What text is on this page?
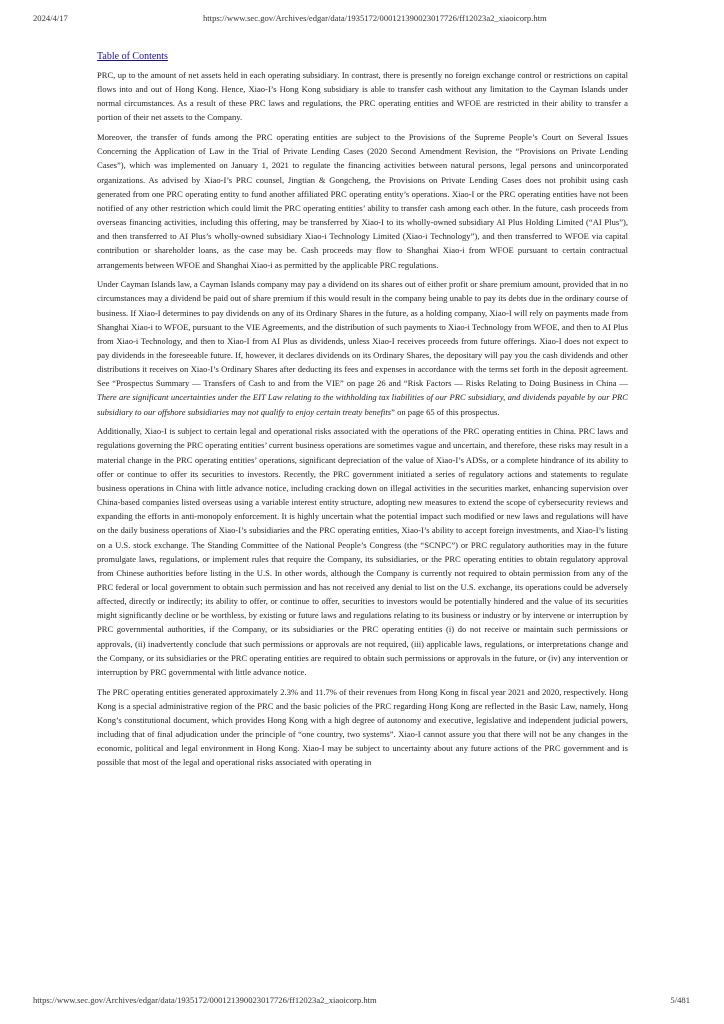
2024/4/17	https://www.sec.gov/Archives/edgar/data/1935172/000121390023017726/ff12023a2_xiaoicorp.htm
Table of Contents

PRC, up to the amount of net assets held in each operating subsidiary. In contrast, there is presently no foreign exchange control or restrictions on capital flows into and out of Hong Kong. Hence, Xiao-I’s Hong Kong subsidiary is able to transfer cash without any limitation to the Cayman Islands under normal circumstances. As a result of these PRC laws and regulations, the PRC operating entities and WFOE are restricted in their ability to transfer a portion of their net assets to the Company.

Moreover, the transfer of funds among the PRC operating entities are subject to the Provisions of the Supreme People’s Court on Several Issues Concerning the Application of Law in the Trial of Private Lending Cases (2020 Second Amendment Revision, the “Provisions on Private Lending Cases”), which was implemented on January 1, 2021 to regulate the financing activities between natural persons, legal persons and unincorporated organizations. As advised by Xiao-I’s PRC counsel, Jingtian & Gongcheng, the Provisions on Private Lending Cases does not prohibit using cash generated from one PRC operating entity to fund another affiliated PRC operating entity’s operations. Xiao-I or the PRC operating entities have not been notified of any other restriction which could limit the PRC operating entities’ ability to transfer cash among each other. In the future, cash proceeds from overseas financing activities, including this offering, may be transferred by Xiao-I to its wholly-owned subsidiary AI Plus Holding Limited (“AI Plus”), and then transferred to AI Plus’s wholly-owned subsidiary Xiao-i Technology Limited (Xiao-i Technology”), and then transferred to WFOE via capital contribution or shareholder loans, as the case may be. Cash proceeds may flow to Shanghai Xiao-i from WFOE pursuant to certain contractual arrangements between WFOE and Shanghai Xiao-i as permitted by the applicable PRC regulations.

Under Cayman Islands law, a Cayman Islands company may pay a dividend on its shares out of either profit or share premium amount, provided that in no circumstances may a dividend be paid out of share premium if this would result in the company being unable to pay its debts due in the ordinary course of business. If Xiao-I determines to pay dividends on any of its Ordinary Shares in the future, as a holding company, Xiao-I will rely on payments made from Shanghai Xiao-i to WFOE, pursuant to the VIE Agreements, and the distribution of such payments to Xiao-i Technology from WFOE, and then to AI Plus from Xiao-i Technology, and then to Xiao-I from AI Plus as dividends, unless Xiao-I receives proceeds from future offerings. Xiao-I does not expect to pay dividends in the foreseeable future. If, however, it declares dividends on its Ordinary Shares, the depositary will pay you the cash dividends and other distributions it receives on Xiao-I’s Ordinary Shares after deducting its fees and expenses in accordance with the terms set forth in the deposit agreement. See “Prospectus Summary — Transfers of Cash to and from the VIE” on page 26 and “Risk Factors — Risks Relating to Doing Business in China — There are significant uncertainties under the EIT Law relating to the withholding tax liabilities of our PRC subsidiary, and dividends payable by our PRC subsidiary to our offshore subsidiaries may not qualify to enjoy certain treaty benefits” on page 65 of this prospectus.

Additionally, Xiao-I is subject to certain legal and operational risks associated with the operations of the PRC operating entities in China. PRC laws and regulations governing the PRC operating entities’ current business operations are sometimes vague and uncertain, and therefore, these risks may result in a material change in the PRC operating entities’ operations, significant depreciation of the value of Xiao-I’s ADSs, or a complete hindrance of its ability to offer or continue to offer its securities to investors. Recently, the PRC government initiated a series of regulatory actions and statements to regulate business operations in China with little advance notice, including cracking down on illegal activities in the securities market, enhancing supervision over China-based companies listed overseas using a variable interest entity structure, adopting new measures to extend the scope of cybersecurity reviews and expanding the efforts in anti-monopoly enforcement. It is highly uncertain what the potential impact such modified or new laws and regulations will have on the daily business operations of Xiao-I’s subsidiaries and the PRC operating entities, Xiao-I’s ability to accept foreign investments, and Xiao-I’s listing on a U.S. stock exchange. The Standing Committee of the National People’s Congress (the “SCNPC”) or PRC regulatory authorities may in the future promulgate laws, regulations, or implement rules that require the Company, its subsidiaries, or the PRC operating entities to obtain regulatory approval from Chinese authorities before listing in the U.S. In other words, although the Company is currently not required to obtain permission from any of the PRC federal or local government to obtain such permission and has not received any denial to list on the U.S. exchange, its operations could be adversely affected, directly or indirectly; its ability to offer, or continue to offer, securities to investors would be potentially hindered and the value of its securities might significantly decline or be worthless, by existing or future laws and regulations relating to its business or industry or by intervene or interruption by PRC governmental authorities, if the Company, or its subsidiaries or the PRC operating entities (i) do not receive or maintain such permissions or approvals, (ii) inadvertently conclude that such permissions or approvals are not required, (iii) applicable laws, regulations, or interpretations change and the Company, or its subsidiaries or the PRC operating entities are required to obtain such permissions or approvals in the future, or (iv) any intervention or interruption by PRC governmental with little advance notice.

The PRC operating entities generated approximately 2.3% and 11.7% of their revenues from Hong Kong in fiscal year 2021 and 2020, respectively. Hong Kong is a special administrative region of the PRC and the basic policies of the PRC regarding Hong Kong are reflected in the Basic Law, namely, Hong Kong’s constitutional document, which provides Hong Kong with a high degree of autonomy and executive, legislative and independent judicial powers, including that of final adjudication under the principle of “one country, two systems”. Xiao-I cannot assure you that there will not be any changes in the economic, political and legal environment in Hong Kong. Xiao-I may be subject to uncertainty about any future actions of the PRC government and is possible that most of the legal and operational risks associated with operating in

https://www.sec.gov/Archives/edgar/data/1935172/000121390023017726/ff12023a2_xiaoicorp.htm	5/481
